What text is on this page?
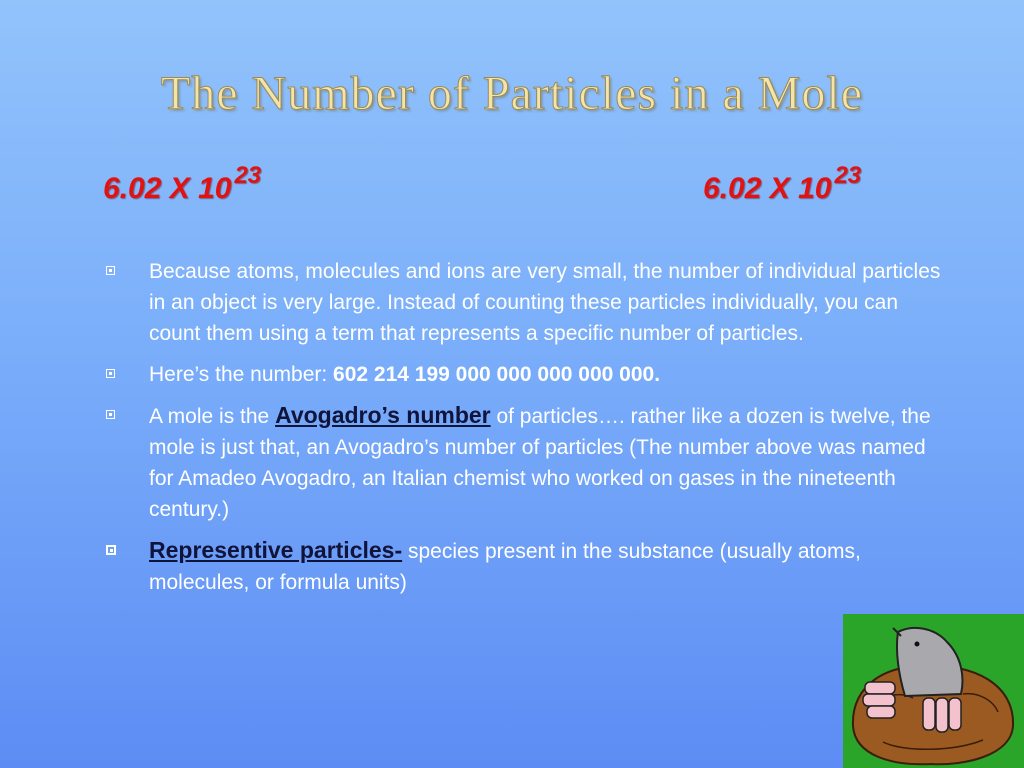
The Number of Particles in a Mole
6.02 X 10 $^{23}$	6.02 X 10 $^{23}$
Because atoms, molecules and ions are very small, the number of individual particles in an object is very large. Instead of counting these particles individually, you can count them using a term that represents a specific number of particles.
Here’s the number: 602 214 199 000 000 000 000 000.
A mole is the Avogadro’s number of particles…. rather like a dozen is twelve, the mole is just that, an Avogadro’s number of particles (The number above was named for Amadeo Avogadro, an Italian chemist who worked on gases in the nineteenth century.)
Representive particles- species present in the substance (usually atoms, molecules, or formula units)
